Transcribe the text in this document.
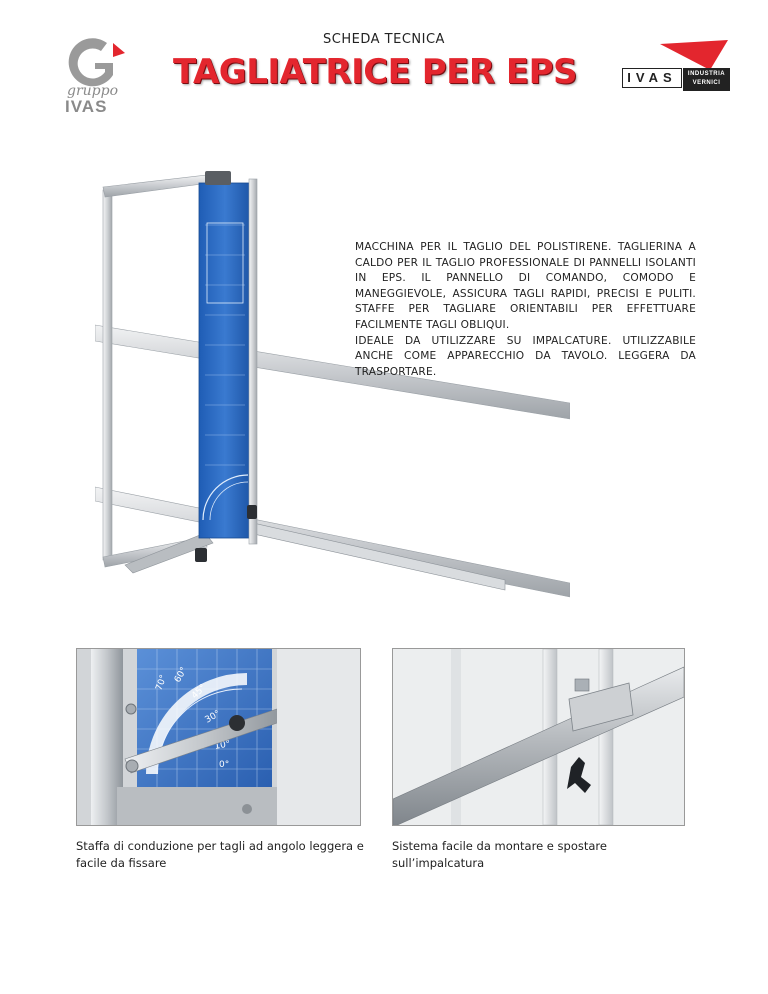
SCHEDA TECNICA
TAGLIATRICE PER EPS
gruppo
IVAS
IVAS	INDUSTRIA
VERNICI

MACCHINA PER IL TAGLIO DEL POLISTIRENE. TAGLIERINA A CALDO PER IL TAGLIO PROFESSIONALE DI PANNELLI ISOLANTI IN EPS. IL PANNELLO DI COMANDO, COMODO E MANEGGIEVOLE, ASSICURA TAGLI RAPIDI, PRECISI E PULITI. STAFFE PER TAGLIARE ORIENTABILI PER EFFETTUARE FACILMENTE TAGLI OBLIQUI.

IDEALE DA UTILIZZARE SU IMPALCATURE. UTILIZZABILE ANCHE COME APPARECCHIO DA TAVOLO. LEGGERA DA TRASPORTARE.

70° 60°
45°
30°
10°
0°
Staffa di conduzione per tagli ad angolo leggera e facile da fissare
Sistema facile da montare e spostare sull’impalcatura
